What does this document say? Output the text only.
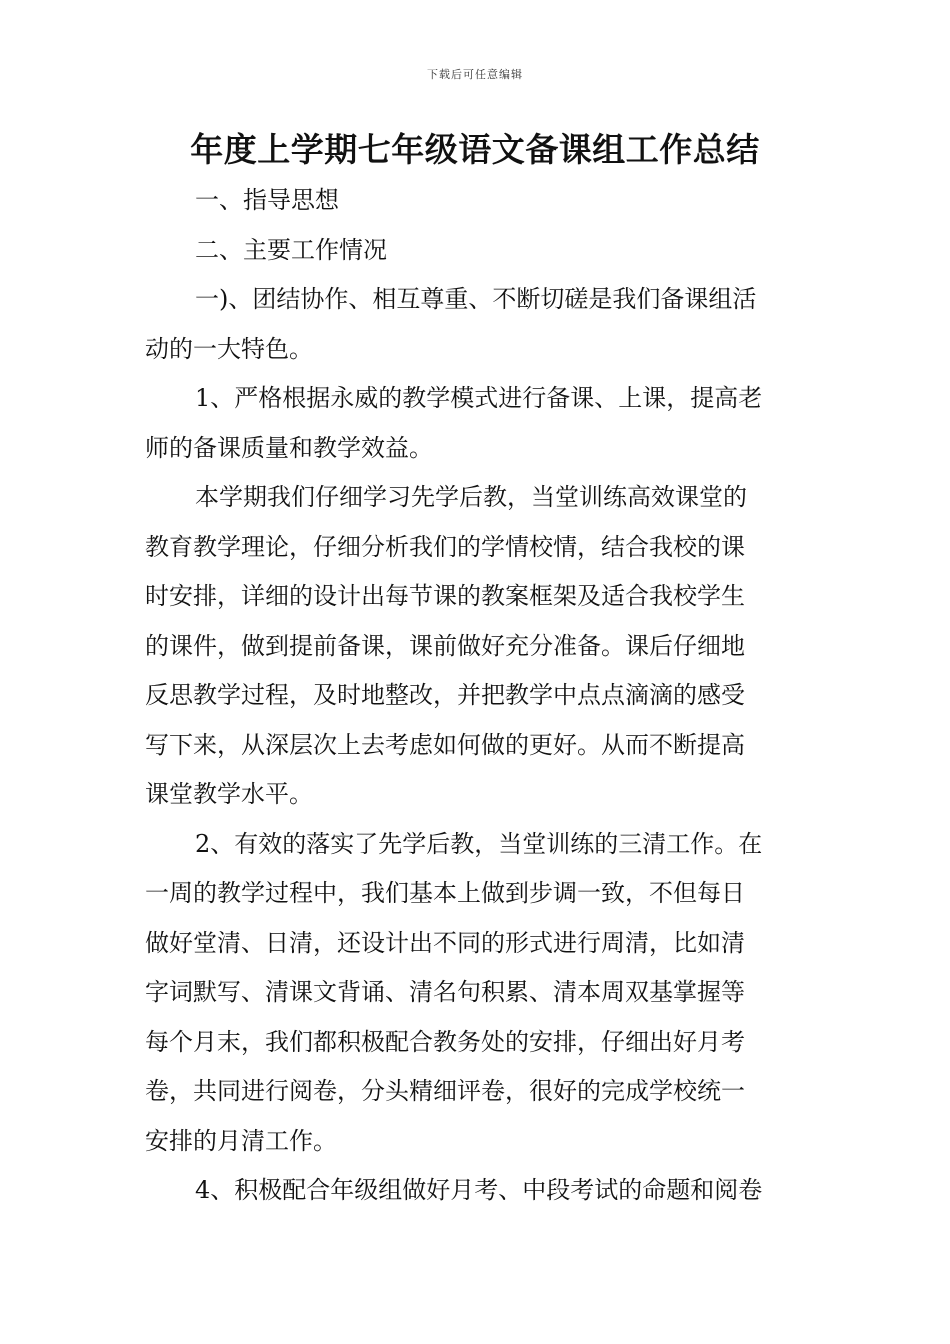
下载后可任意编辑
年度上学期七年级语文备课组工作总结
一、指导思想
二、主要工作情况
一)、团结协作、相互尊重、不断切磋是我们备课组活
动的一大特色。
1、严格根据永威的教学模式进行备课、上课，提高老
师的备课质量和教学效益。
本学期我们仔细学习先学后教，当堂训练高效课堂的
教育教学理论，仔细分析我们的学情校情，结合我校的课
时安排，详细的设计出每节课的教案框架及适合我校学生
的课件，做到提前备课，课前做好充分准备。课后仔细地
反思教学过程，及时地整改，并把教学中点点滴滴的感受
写下来，从深层次上去考虑如何做的更好。从而不断提高
课堂教学水平。
2、有效的落实了先学后教，当堂训练的三清工作。在
一周的教学过程中，我们基本上做到步调一致，不但每日
做好堂清、日清，还设计出不同的形式进行周清，比如清
字词默写、清课文背诵、清名句积累、清本周双基掌握等
每个月末，我们都积极配合教务处的安排，仔细出好月考
卷，共同进行阅卷，分头精细评卷，很好的完成学校统一
安排的月清工作。
4、积极配合年级组做好月考、中段考试的命题和阅卷
